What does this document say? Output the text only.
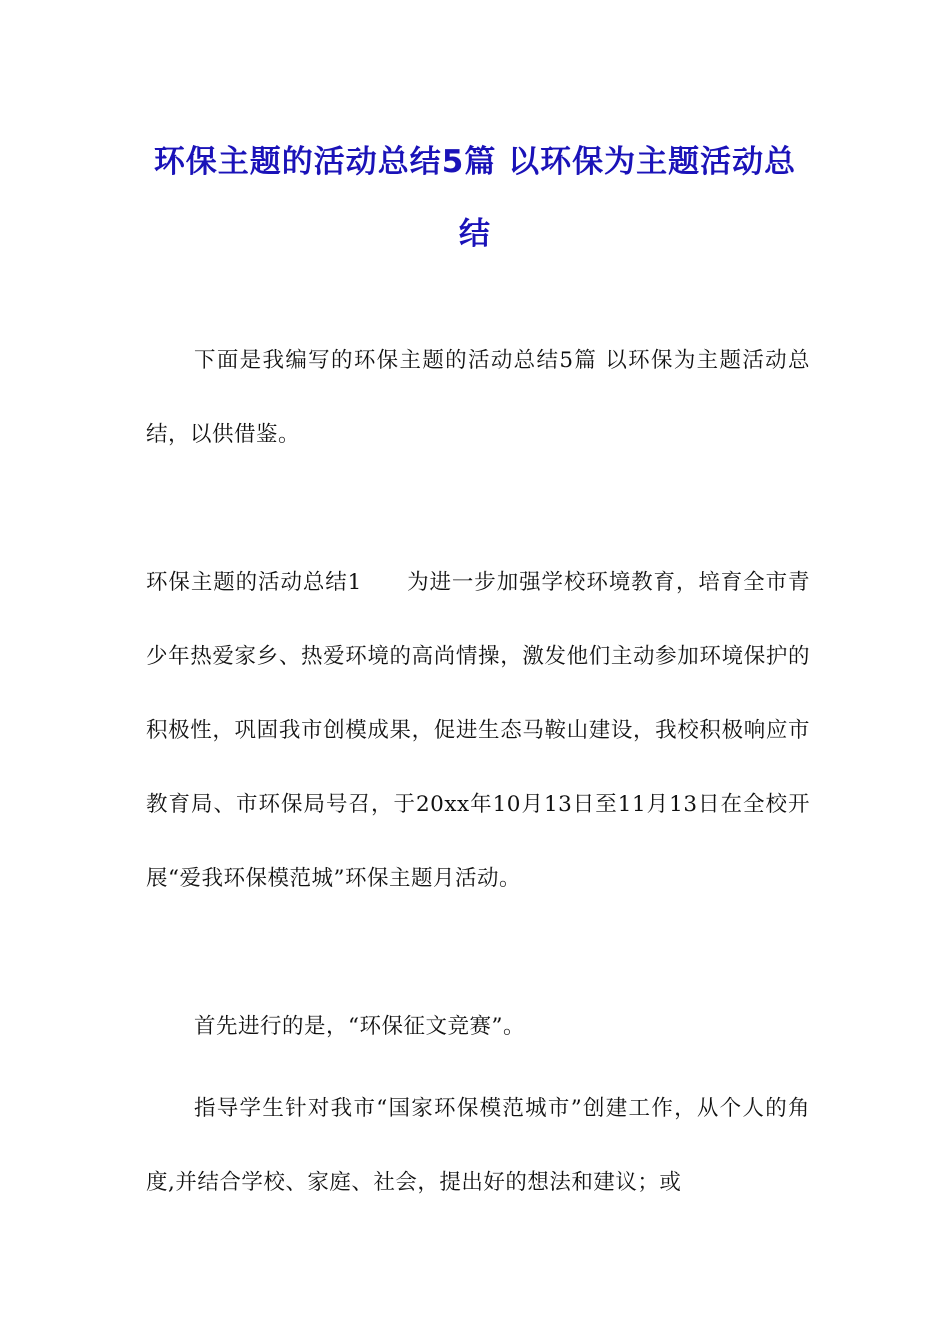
环保主题的活动总结5篇 以环保为主题活动总结

下面是我编写的环保主题的活动总结5篇 以环保为主题活动总结，以供借鉴。

环保主题的活动总结1　　为进一步加强学校环境教育，培育全市青少年热爱家乡、热爱环境的高尚情操，激发他们主动参加环境保护的积极性，巩固我市创模成果，促进生态马鞍山建设，我校积极响应市教育局、市环保局号召，于20xx年10月13日至11月13日在全校开展“爱我环保模范城”环保主题月活动。

首先进行的是，“环保征文竞赛”。

指导学生针对我市“国家环保模范城市”创建工作，从个人的角度,并结合学校、家庭、社会，提出好的想法和建议；或
